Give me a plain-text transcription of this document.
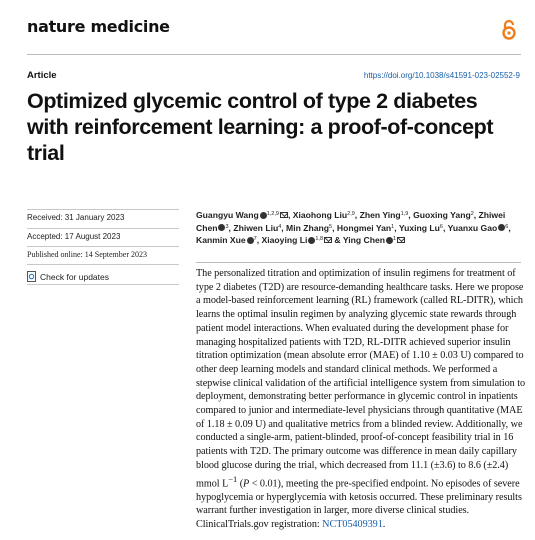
nature medicine
Article	https://doi.org/10.1038/s41591-023-02552-9
Optimized glycemic control of type 2 diabetes with reinforcement learning: a proof-of-concept trial
Received: 31 January 2023
Accepted: 17 August 2023
Published online: 14 September 2023
Check for updates
Guangyu Wang $^{1,2,9}$ , Xiaohong Liu$^{2,9}$, Zhen Ying$^{1,9}$, Guoxing Yang$^2$, Zhiwei Chen $^3$, Zhiwen Liu$^4$, Min Zhang$^5$, Hongmei Yan$^1$, Yuxing Lu$^6$, Yuanxu Gao $^6$, Kanmin Xue $^7$, Xiaoying Li $^{1,8}$ & Ying Chen $^1$

The personalized titration and optimization of insulin regimens for treatment of type 2 diabetes (T2D) are resource-demanding healthcare tasks. Here we propose a model-based reinforcement learning (RL) framework (called RL-DITR), which learns the optimal insulin regimen by analyzing glycemic state rewards through patient model interactions. When evaluated during the development phase for managing hospitalized patients with T2D, RL-DITR achieved superior insulin titration optimization (mean absolute error (MAE) of 1.10 ± 0.03 U) compared to other deep learning models and standard clinical methods. We performed a stepwise clinical validation of the artificial intelligence system from simulation to deployment, demonstrating better performance in glycemic control in inpatients compared to junior and intermediate-level physicians through quantitative (MAE of 1.18 ± 0.09 U) and qualitative metrics from a blinded review. Additionally, we conducted a single-arm, patient-blinded, proof-of-concept feasibility trial in 16 patients with T2D. The primary outcome was difference in mean daily capillary blood glucose during the trial, which decreased from 11.1 (±3.6) to 8.6 (±2.4) mmol $L^{-1}$ (P < 0.01), meeting the pre-specified endpoint. No episodes of severe hypoglycemia or hyperglycemia with ketosis occurred. These preliminary results warrant further investigation in larger, more diverse clinical studies. ClinicalTrials.gov registration: NCT05409391.
